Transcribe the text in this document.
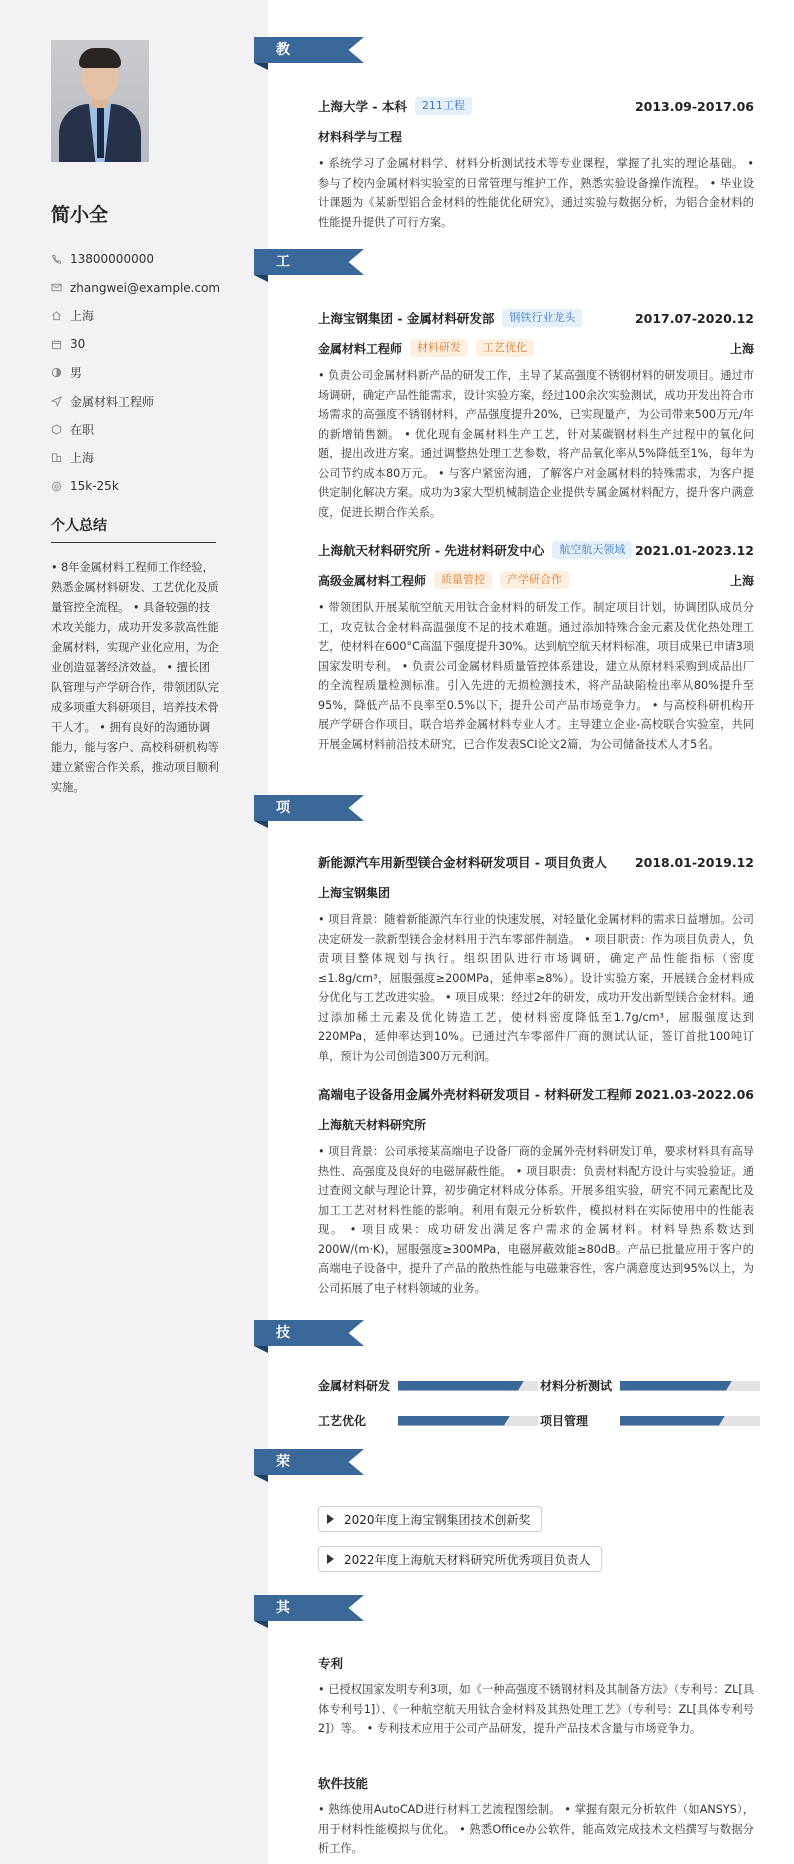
简小全
13800000000
zhangwei@example.com
上海
30
男
金属材料工程师
在职
上海
15k-25k
个人总结
• 8年金属材料工程师工作经验，熟悉金属材料研发、工艺优化及质量管控全流程。 • 具备较强的技术攻关能力，成功开发多款高性能金属材料，实现产业化应用，为企业创造显著经济效益。 • 擅长团队管理与产学研合作，带领团队完成多项重大科研项目，培养技术骨干人才。 • 拥有良好的沟通协调能力，能与客户、高校科研机构等建立紧密合作关系，推动项目顺利实施。
教育经历
上海大学 - 本科	211工程	2013.09-2017.06
材料科学与工程
• 系统学习了金属材料学、材料分析测试技术等专业课程，掌握了扎实的理论基础。 • 参与了校内金属材料实验室的日常管理与维护工作，熟悉实验设备操作流程。 • 毕业设计课题为《某新型铝合金材料的性能优化研究》，通过实验与数据分析，为铝合金材料的性能提升提供了可行方案。
工作经历
上海宝钢集团 - 金属材料研发部	钢铁行业龙头	2017.07-2020.12
金属材料工程师	材料研发	工艺优化	上海
• 负责公司金属材料新产品的研发工作，主导了某高强度不锈钢材料的研发项目。通过市场调研，确定产品性能需求，设计实验方案，经过100余次实验测试，成功开发出符合市场需求的高强度不锈钢材料，产品强度提升20%，已实现量产，为公司带来500万元/年的新增销售额。 • 优化现有金属材料生产工艺，针对某碳钢材料生产过程中的氧化问题，提出改进方案。通过调整热处理工艺参数，将产品氧化率从5%降低至1%，每年为公司节约成本80万元。 • 与客户紧密沟通，了解客户对金属材料的特殊需求，为客户提供定制化解决方案。成功为3家大型机械制造企业提供专属金属材料配方，提升客户满意度，促进长期合作关系。
上海航天材料研究所 - 先进材料研发中心	航空航天领域 2021.01-2023.12
高级金属材料工程师	质量管控	产学研合作	上海
• 带领团队开展某航空航天用钛合金材料的研发工作。制定项目计划，协调团队成员分工，攻克钛合金材料高温强度不足的技术难题。通过添加特殊合金元素及优化热处理工艺，使材料在600°C高温下强度提升30%。达到航空航天材料标准，项目成果已申请3项国家发明专利。 • 负责公司金属材料质量管控体系建设，建立从原材料采购到成品出厂的全流程质量检测标准。引入先进的无损检测技术，将产品缺陷检出率从80%提升至95%，降低产品不良率至0.5%以下，提升公司产品市场竞争力。 • 与高校科研机构开展产学研合作项目，联合培养金属材料专业人才。主导建立企业-高校联合实验室，共同开展金属材料前沿技术研究，已合作发表SCI论文2篇，为公司储备技术人才5名。
项目经历
新能源汽车用新型镁合金材料研发项目 - 项目负责人 2018.01-2019.12
上海宝钢集团
• 项目背景：随着新能源汽车行业的快速发展，对轻量化金属材料的需求日益增加。公司决定研发一款新型镁合金材料用于汽车零部件制造。 • 项目职责：作为项目负责人，负责项目整体规划与执行。组织团队进行市场调研，确定产品性能指标（密度≤1.8g/cm³，屈服强度≥200MPa，延伸率≥8%）。设计实验方案，开展镁合金材料成分优化与工艺改进实验。 • 项目成果：经过2年的研发，成功开发出新型镁合金材料。通过添加稀土元素及优化铸造工艺，使材料密度降低至1.7g/cm³，屈服强度达到220MPa，延伸率达到10%。已通过汽车零部件厂商的测试认证，签订首批100吨订单，预计为公司创造300万元利润。
高端电子设备用金属外壳材料研发项目 - 材料研发工程师 2021.03-2022.06
上海航天材料研究所
• 项目背景：公司承接某高端电子设备厂商的金属外壳材料研发订单，要求材料具有高导热性、高强度及良好的电磁屏蔽性能。 • 项目职责：负责材料配方设计与实验验证。通过查阅文献与理论计算，初步确定材料成分体系。开展多组实验，研究不同元素配比及加工工艺对材料性能的影响。利用有限元分析软件，模拟材料在实际使用中的性能表现。 • 项目成果：成功研发出满足客户需求的金属材料。材料导热系数达到200W/(m·K)，屈服强度≥300MPa，电磁屏蔽效能≥80dB。产品已批量应用于客户的高端电子设备中，提升了产品的散热性能与电磁兼容性，客户满意度达到95%以上，为公司拓展了电子材料领域的业务。
技能专长
金属材料研发	材料分析测试
工艺优化	项目管理
荣誉奖项
2020年度上海宝钢集团技术创新奖
2022年度上海航天材料研究所优秀项目负责人
其他信息
专利
• 已授权国家发明专利3项，如《一种高强度不锈钢材料及其制备方法》（专利号：ZL[具体专利号1]）、《一种航空航天用钛合金材料及其热处理工艺》（专利号：ZL[具体专利号2]）等。 • 专利技术应用于公司产品研发，提升产品技术含量与市场竞争力。
软件技能
• 熟练使用AutoCAD进行材料工艺流程图绘制。 • 掌握有限元分析软件（如ANSYS），用于材料性能模拟与优化。 • 熟悉Office办公软件，能高效完成技术文档撰写与数据分析工作。
